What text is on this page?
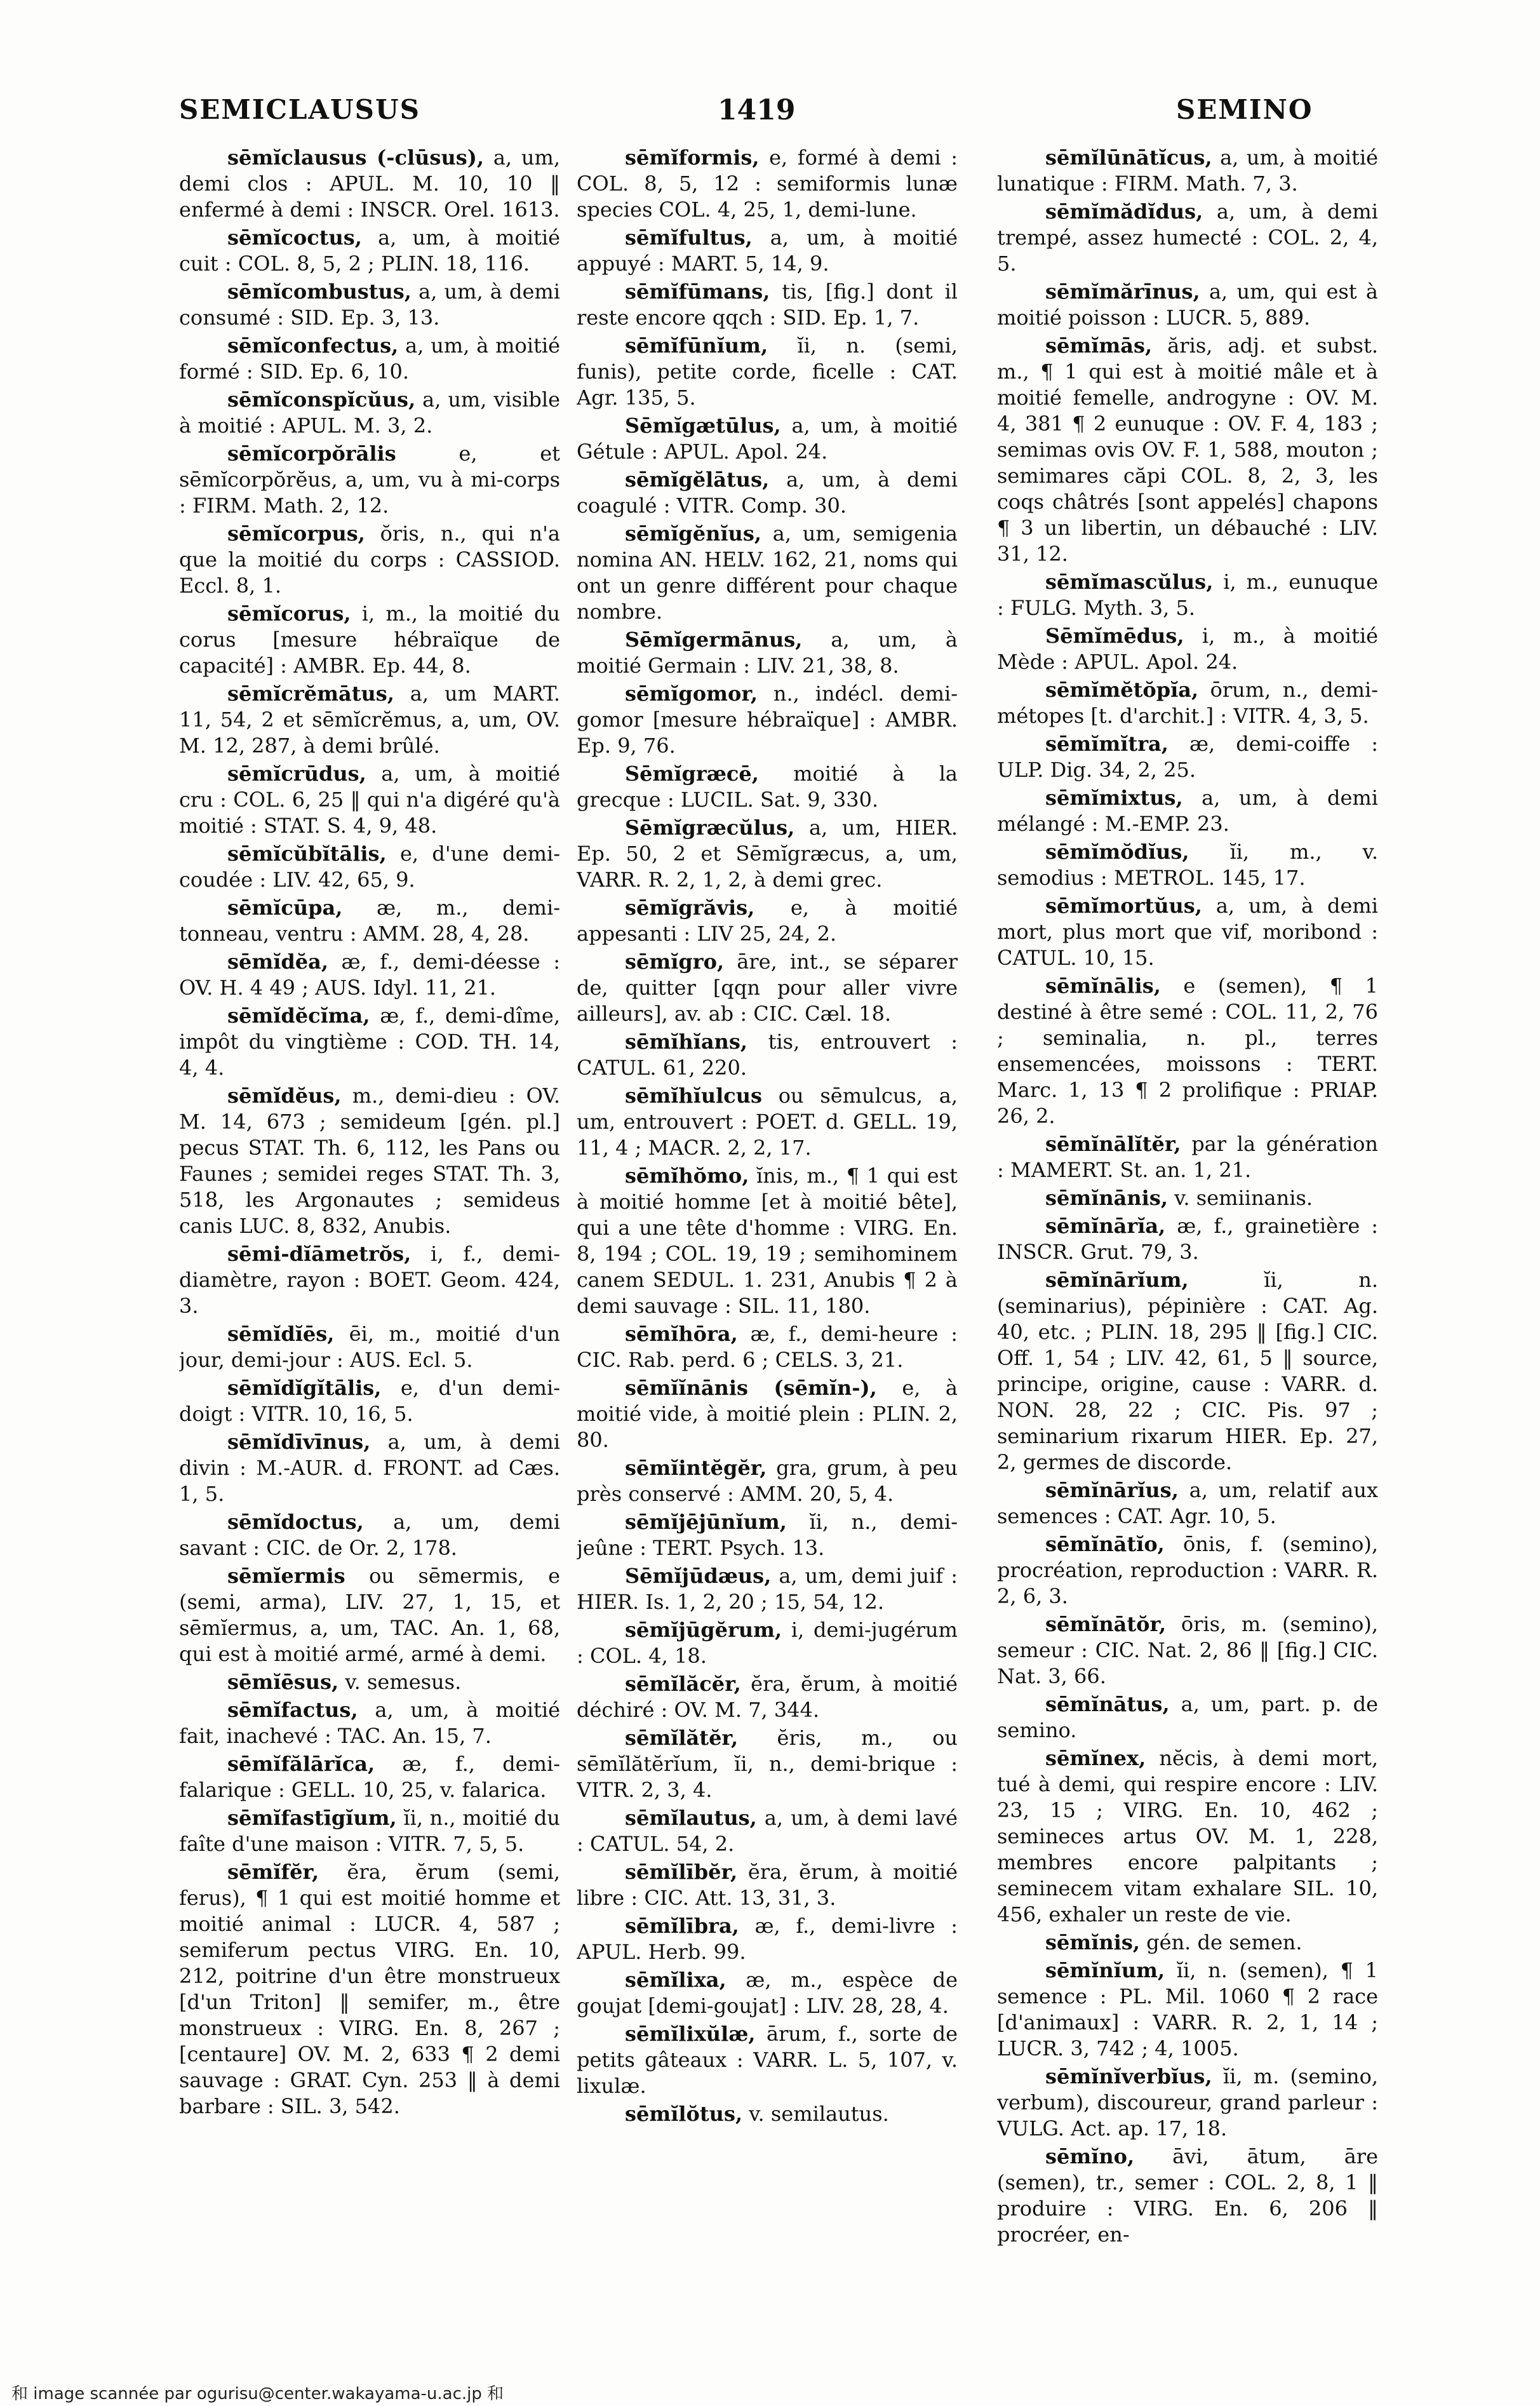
SEMICLAUSUS	1419	SEMINO

sēmĭclausus (-clūsus), a, um, demi clos : APUL. M. 10, 10 ‖ enfermé à demi : INSCR. Orel. 1613.

sēmĭcoctus, a, um, à moitié cuit : COL. 8, 5, 2 ; PLIN. 18, 116.

sēmĭcombustus, a, um, à demi consumé : SID. Ep. 3, 13.

sēmĭconfectus, a, um, à moitié formé : SID. Ep. 6, 10.

sēmĭconspĭcŭus, a, um, visible à moitié : APUL. M. 3, 2.

sēmĭcorpŏrālis	e, et sēmĭcorpŏrĕus, a, um, vu à mi-corps : FIRM. Math. 2, 12.

sēmĭcorpus, ŏris, n., qui n'a que la moitié du corps : CASSIOD. Eccl. 8, 1.

sēmĭcorus, i, m., la moitié du corus [mesure hébraïque de capacité] : AMBR. Ep. 44, 8.

sēmĭcrĕmātus, a, um MART. 11, 54, 2 et sēmĭcrĕmus, a, um, OV. M. 12, 287, à demi brûlé.

sēmĭcrūdus, a, um, à moitié cru : COL. 6, 25 ‖ qui n'a digéré qu'à moitié : STAT. S. 4, 9, 48.

sēmĭcŭbĭtālis, e, d'une demi-coudée : LIV. 42, 65, 9.

sēmĭcūpa, æ, m., demi-tonneau, ventru : AMM. 28, 4, 28.

sēmĭdĕa, æ, f., demi-déesse : OV. H. 4 49 ; AUS. Idyl. 11, 21.

sēmĭdĕcĭma, æ, f., demi-dîme, impôt du vingtième : COD. TH. 14, 4, 4.

sēmĭdĕus, m., demi-dieu : OV. M. 14, 673 ; semideum [gén. pl.] pecus STAT. Th. 6, 112, les Pans ou Faunes ; semidei reges STAT. Th. 3, 518, les Argonautes ; semideus canis LUC. 8, 832, Anubis.

sēmi-dĭāmetrŏs, i, f., demi-diamètre, rayon : BOET. Geom. 424, 3.

sēmĭdĭēs, ēi, m., moitié d'un jour, demi-jour : AUS. Ecl. 5.

sēmĭdĭgĭtālis, e, d'un demi-doigt : VITR. 10, 16, 5.

sēmĭdīvīnus, a, um, à demi divin : M.-AUR. d. FRONT. ad Cæs. 1, 5.

sēmĭdoctus, a, um, demi savant : CIC. de Or. 2, 178.

sēmĭermis ou sēmermis, e (semi, arma), LIV. 27, 1, 15, et sēmĭermus, a, um, TAC. An. 1, 68, qui est à moitié armé, armé à demi.

sēmĭēsus, v. semesus.

sēmĭfactus, a, um, à moitié fait, inachevé : TAC. An. 15, 7.

sēmĭfălārĭca, æ, f., demi-falarique : GELL. 10, 25, v. falarica.

sēmĭfastīgĭum, ĭi, n., moitié du faîte d'une maison : VITR. 7, 5, 5.

sēmĭfĕr, ĕra, ĕrum (semi, ferus), ¶ 1 qui est moitié homme et moitié animal : LUCR. 4, 587 ; semiferum pectus VIRG. En. 10, 212, poitrine d'un être monstrueux [d'un Triton] ‖ semifer, m., être monstrueux : VIRG. En. 8, 267 ; [centaure] OV. M. 2, 633 ¶ 2 demi sauvage : GRAT. Cyn. 253 ‖ à demi barbare : SIL. 3, 542.

sēmĭformis, e, formé à demi : COL. 8, 5, 12 : semiformis lunæ species COL. 4, 25, 1, demi-lune.

sēmĭfultus, a, um, à moitié appuyé : MART. 5, 14, 9.

sēmĭfūmans, tis, [fig.] dont il reste encore qqch : SID. Ep. 1, 7.

sēmĭfūnĭum, ĭi, n. (semi, funis), petite corde, ficelle : CAT. Agr. 135, 5.

Sēmĭgætūlus, a, um, à moitié Gétule : APUL. Apol. 24.

sēmĭgĕlātus, a, um, à demi coagulé : VITR. Comp. 30.

sēmĭgĕnĭus, a, um, semigenia nomina AN. HELV. 162, 21, noms qui ont un genre différent pour chaque nombre.

Sēmĭgermānus, a, um, à moitié Germain : LIV. 21, 38, 8.

sēmĭgomor, n., indécl. demi-gomor [mesure hébraïque] : AMBR. Ep. 9, 76.

Sēmĭgræcē, moitié à la grecque : LUCIL. Sat. 9, 330.

Sēmĭgræcŭlus, a, um, HIER. Ep. 50, 2 et Sēmĭgræcus, a, um, VARR. R. 2, 1, 2, à demi grec.

sēmĭgrăvis, e, à moitié appesanti : LIV 25, 24, 2.

sēmĭgro, āre, int., se séparer de, quitter [qqn pour aller vivre ailleurs], av. ab : CIC. Cæl. 18.

sēmĭhĭans, tis, entrouvert : CATUL. 61, 220.

sēmĭhĭulcus ou sēmulcus, a, um, entrouvert : POET. d. GELL. 19, 11, 4 ; MACR. 2, 2, 17.

sēmĭhŏmo, ĭnis, m., ¶ 1 qui est à moitié homme [et à moitié bête], qui a une tête d'homme : VIRG. En. 8, 194 ; COL. 19, 19 ; semihominem canem SEDUL. 1. 231, Anubis ¶ 2 à demi sauvage : SIL. 11, 180.

sēmĭhōra, æ, f., demi-heure : CIC. Rab. perd. 6 ; CELS. 3, 21.

sēmĭĭnānis (sēmĭn-), e, à moitié vide, à moitié plein : PLIN. 2, 80.

sēmĭintĕgĕr, gra, grum, à peu près conservé : AMM. 20, 5, 4.

sēmĭjējūnĭum, ĭi, n., demi-jeûne : TERT. Psych. 13.

Sēmĭjūdæus, a, um, demi juif : HIER. Is. 1, 2, 20 ; 15, 54, 12.

sēmĭjūgĕrum, i, demi-jugérum : COL. 4, 18.

sēmĭlăcĕr, ĕra, ĕrum, à moitié déchiré : OV. M. 7, 344.

sēmĭlătĕr, ĕris, m., ou sēmĭlătĕrĭum, ĭi, n., demi-brique : VITR. 2, 3, 4.

sēmĭlautus, a, um, à demi lavé : CATUL. 54, 2.

sēmĭlībĕr, ĕra, ĕrum, à moitié libre : CIC. Att. 13, 31, 3.

sēmĭlībra, æ, f., demi-livre : APUL. Herb. 99.

sēmĭlixa, æ, m., espèce de goujat [demi-goujat] : LIV. 28, 28, 4.

sēmĭlixŭlæ, ārum, f., sorte de petits gâteaux : VARR. L. 5, 107, v. lixulæ.

sēmĭlŏtus, v. semilautus.

sēmĭlūnātĭcus, a, um, à moitié lunatique : FIRM. Math. 7, 3.

sēmĭmădĭdus, a, um, à demi trempé, assez humecté : COL. 2, 4, 5.

sēmĭmărīnus, a, um, qui est à moitié poisson : LUCR. 5, 889.

sēmĭmās, ăris, adj. et subst. m., ¶ 1 qui est à moitié mâle et à moitié femelle, androgyne : OV. M. 4, 381 ¶ 2 eunuque : OV. F. 4, 183 ; semimas ovis OV. F. 1, 588, mouton ; semimares căpi COL. 8, 2, 3, les coqs châtrés [sont appelés] chapons ¶ 3 un libertin, un débauché : LIV. 31, 12.

sēmĭmascŭlus, i, m., eunuque : FULG. Myth. 3, 5.

Sēmĭmēdus, i, m., à moitié Mède : APUL. Apol. 24.

sēmĭmĕtŏpĭa, ōrum, n., demi-métopes [t. d'archit.] : VITR. 4, 3, 5.

sēmĭmĭtra, æ, demi-coiffe : ULP. Dig. 34, 2, 25.

sēmĭmixtus, a, um, à demi mélangé : M.-EMP. 23.

sēmĭmŏdĭus, ĭi, m., v. semodius : METROL. 145, 17.

sēmĭmortŭus, a, um, à demi mort, plus mort que vif, moribond : CATUL. 10, 15.

sēmĭnālis, e (semen), ¶ 1 destiné à être semé : COL. 11, 2, 76 ; seminalia, n. pl., terres ensemencées, moissons : TERT. Marc. 1, 13 ¶ 2 prolifique : PRIAP. 26, 2.

sēmĭnālĭtĕr, par la génération : MAMERT. St. an. 1, 21.

sēmĭnānis, v. semiinanis.

sēmĭnārĭa, æ, f., grainetière : INSCR. Grut. 79, 3.

sēmĭnārĭum,	ĭi, n. (seminarius), pépinière : CAT. Ag. 40, etc. ; PLIN. 18, 295 ‖ [fig.] CIC. Off. 1, 54 ; LIV. 42, 61, 5 ‖ source, principe, origine, cause : VARR. d. NON. 28, 22 ; CIC. Pis. 97 ; seminarium rixarum HIER. Ep. 27, 2, germes de discorde.

sēmĭnārĭus, a, um, relatif aux semences : CAT. Agr. 10, 5.

sēmĭnātĭo, ōnis, f. (semino), procréation, reproduction : VARR. R. 2, 6, 3.

sēmĭnātŏr, ōris, m. (semino), semeur : CIC. Nat. 2, 86 ‖ [fig.] CIC. Nat. 3, 66.

sēmĭnātus, a, um, part. p. de semino.

sēmĭnex, nĕcis, à demi mort, tué à demi, qui respire encore : LIV. 23, 15 ; VIRG. En. 10, 462 ; semineces artus OV. M. 1, 228, membres encore palpitants ; seminecem vitam exhalare SIL. 10, 456, exhaler un reste de vie.

sēmĭnis, gén. de semen.

sēmĭnĭum, ĭi, n. (semen), ¶ 1 semence : PL. Mil. 1060 ¶ 2 race [d'animaux] : VARR. R. 2, 1, 14 ; LUCR. 3, 742 ; 4, 1005.

sēmĭnĭverbĭus, ĭi, m. (semino, verbum), discoureur, grand parleur : VULG. Act. ap. 17, 18.

sēmĭno, āvi, ātum, āre (semen), tr., semer : COL. 2, 8, 1 ‖ produire : VIRG. En. 6, 206 ‖ procréer, en-

和 image scannée par ogurisu@center.wakayama-u.ac.jp 和
